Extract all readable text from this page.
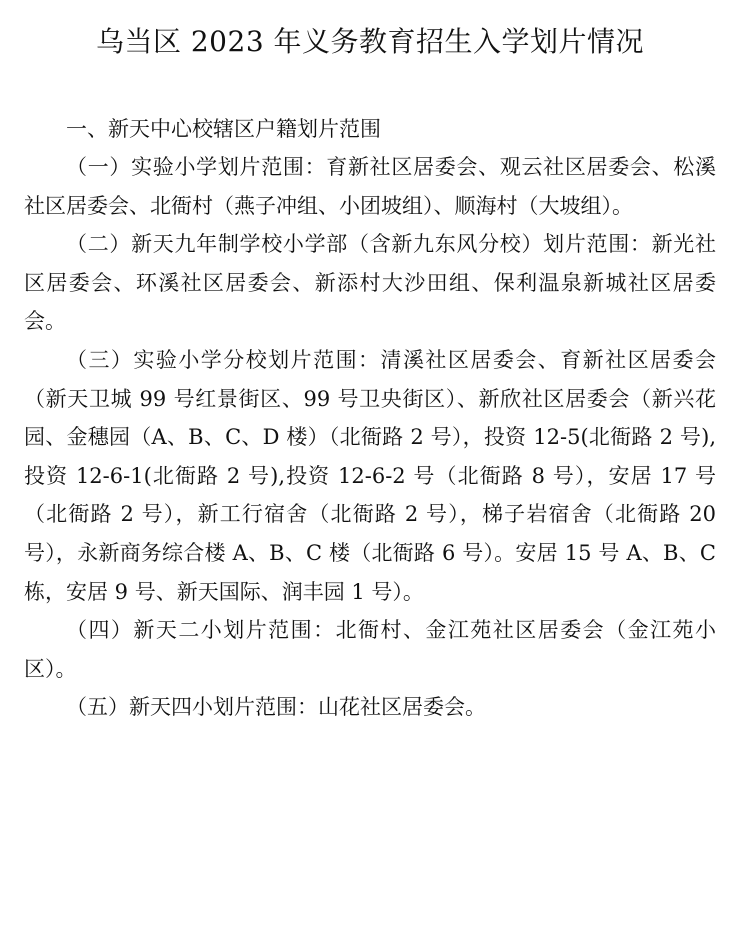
乌当区 2023 年义务教育招生入学划片情况

一、新天中心校辖区户籍划片范围

（一）实验小学划片范围：育新社区居委会、观云社区居委会、松溪社区居委会、北衙村（燕子冲组、小团坡组）、顺海村（大坡组）。

（二）新天九年制学校小学部（含新九东风分校）划片范围：新光社区居委会、环溪社区居委会、新添村大沙田组、保利温泉新城社区居委会。

（三）实验小学分校划片范围：清溪社区居委会、育新社区居委会（新天卫城 99 号红景街区、99 号卫央街区）、新欣社区居委会（新兴花园、金穗园（A、B、C、D 楼）（北衙路 2 号），投资 12-5(北衙路 2 号),投资 12-6-1(北衙路 2 号),投资 12-6-2 号（北衙路 8 号），安居 17 号（北衙路 2 号），新工行宿舍（北衙路 2 号），梯子岩宿舍（北衙路 20 号），永新商务综合楼 A、B、C 楼（北衙路 6 号）。安居 15 号 A、B、C 栋，安居 9 号、新天国际、润丰园 1 号）。

（四）新天二小划片范围：北衙村、金江苑社区居委会（金江苑小区）。

（五）新天四小划片范围：山花社区居委会。
